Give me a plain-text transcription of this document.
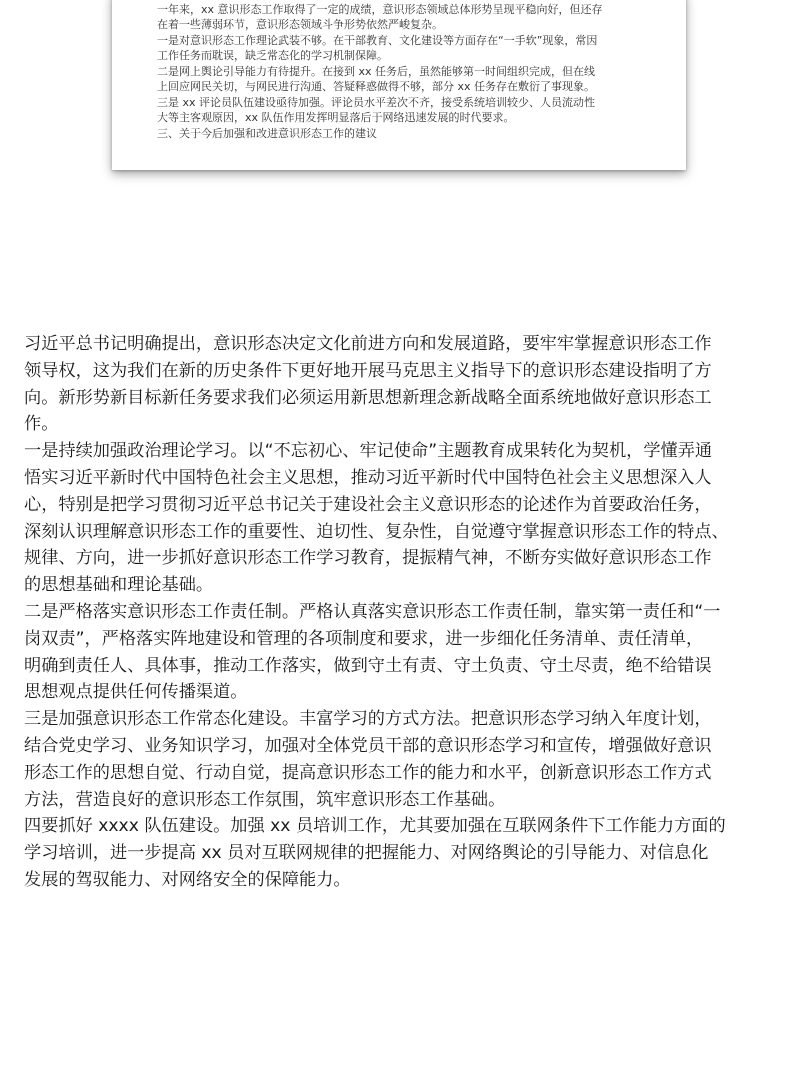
一年来，xx 意识形态工作取得了一定的成绩，意识形态领域总体形势呈现平稳向好，但还存
在着一些薄弱环节，意识形态领域斗争形势依然严峻复杂。
一是对意识形态工作理论武装不够。在干部教育、文化建设等方面存在“一手软”现象，常因
工作任务而耽误，缺乏常态化的学习机制保障。
二是网上舆论引导能力有待提升。在接到 xx 任务后，虽然能够第一时间组织完成，但在线
上回应网民关切，与网民进行沟通、答疑释惑做得不够，部分 xx 任务存在敷衍了事现象。
三是 xx 评论员队伍建设亟待加强。评论员水平差次不齐，接受系统培训较少、人员流动性
大等主客观原因，xx 队伍作用发挥明显落后于网络迅速发展的时代要求。
三、关于今后加强和改进意识形态工作的建议
习近平总书记明确提出，意识形态决定文化前进方向和发展道路，要牢牢掌握意识形态工作
领导权，这为我们在新的历史条件下更好地开展马克思主义指导下的意识形态建设指明了方
向。新形势新目标新任务要求我们必须运用新思想新理念新战略全面系统地做好意识形态工
作。
一是持续加强政治理论学习。以“不忘初心、牢记使命”主题教育成果转化为契机，学懂弄通
悟实习近平新时代中国特色社会主义思想，推动习近平新时代中国特色社会主义思想深入人
心，特别是把学习贯彻习近平总书记关于建设社会主义意识形态的论述作为首要政治任务，
深刻认识理解意识形态工作的重要性、迫切性、复杂性，自觉遵守掌握意识形态工作的特点、
规律、方向，进一步抓好意识形态工作学习教育，提振精气神，不断夯实做好意识形态工作
的思想基础和理论基础。
二是严格落实意识形态工作责任制。严格认真落实意识形态工作责任制，靠实第一责任和“一
岗双责”，严格落实阵地建设和管理的各项制度和要求，进一步细化任务清单、责任清单，
明确到责任人、具体事，推动工作落实，做到守土有责、守土负责、守土尽责，绝不给错误
思想观点提供任何传播渠道。
三是加强意识形态工作常态化建设。丰富学习的方式方法。把意识形态学习纳入年度计划，
结合党史学习、业务知识学习，加强对全体党员干部的意识形态学习和宣传，增强做好意识
形态工作的思想自觉、行动自觉，提高意识形态工作的能力和水平，创新意识形态工作方式
方法，营造良好的意识形态工作氛围，筑牢意识形态工作基础。
四要抓好 xxxx 队伍建设。加强 xx 员培训工作，尤其要加强在互联网条件下工作能力方面的
学习培训，进一步提高 xx 员对互联网规律的把握能力、对网络舆论的引导能力、对信息化
发展的驾驭能力、对网络安全的保障能力。
